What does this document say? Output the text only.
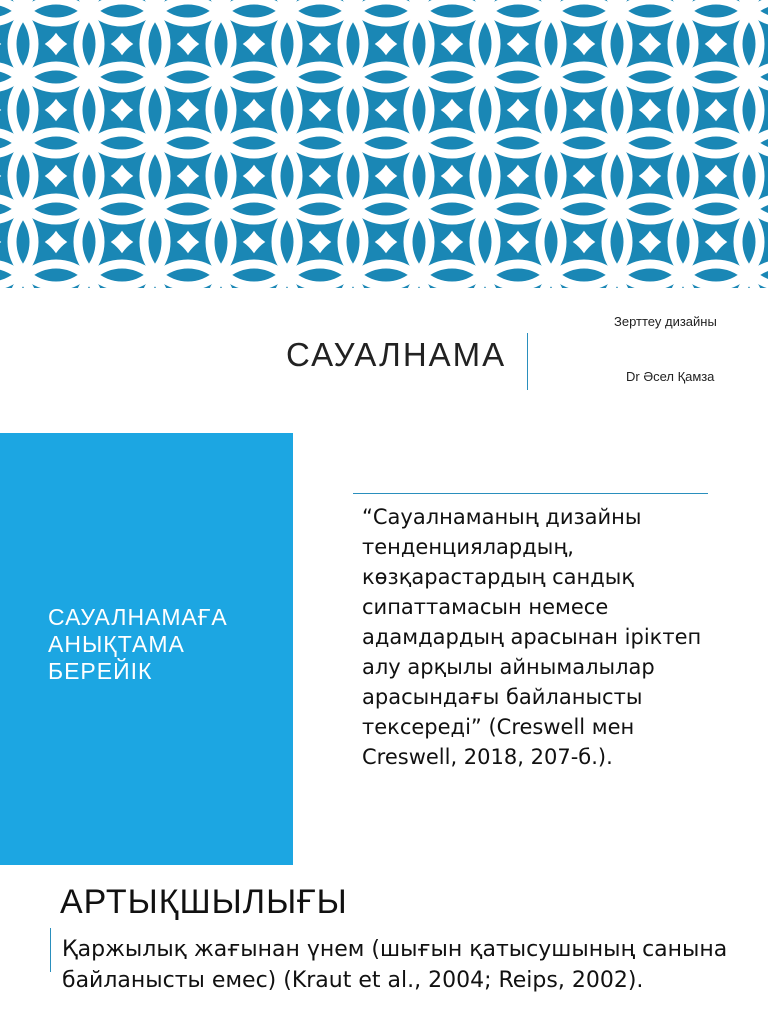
САУАЛНАМА
Зерттеу дизайны
Dr Әсел Қамза
САУАЛНАМАҒА АНЫҚТАМА БЕРЕЙІК

“Сауалнаманың дизайны тенденциялардың, көзқарастардың сандық сипаттамасын немесе адамдардың арасынан іріктеп алу арқылы айнымалылар арасындағы байланысты тексереді” (Creswell мен Creswell, 2018, 207-б.).

АРТЫҚШЫЛЫҒЫ

Қаржылық жағынан үнем (шығын қатысушының санына байланысты емес) (Kraut et al., 2004; Reips, 2002).
